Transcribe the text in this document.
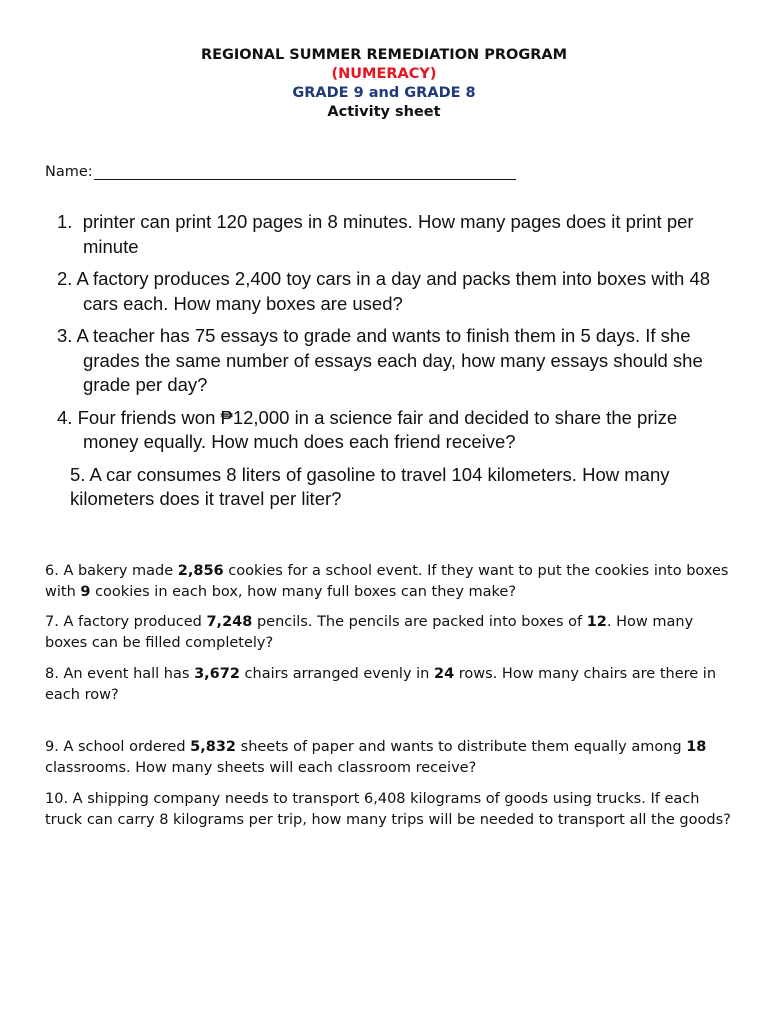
REGIONAL SUMMER REMEDIATION PROGRAM
(NUMERACY)
GRADE 9 and GRADE 8
Activity sheet
Name:
1.  printer can print 120 pages in 8 minutes. How many pages does it print per minute
2. A factory produces 2,400 toy cars in a day and packs them into boxes with 48 cars each. How many boxes are used?
3. A teacher has 75 essays to grade and wants to finish them in 5 days. If she grades the same number of essays each day, how many essays should she grade per day?
4. Four friends won ₱12,000 in a science fair and decided to share the prize money equally. How much does each friend receive?
5. A car consumes 8 liters of gasoline to travel 104 kilometers. How many kilometers does it travel per liter?

6. A bakery made 2,856 cookies for a school event. If they want to put the cookies into boxes with 9 cookies in each box, how many full boxes can they make?

7. A factory produced 7,248 pencils. The pencils are packed into boxes of 12. How many boxes can be filled completely?

8. An event hall has 3,672 chairs arranged evenly in 24 rows. How many chairs are there in each row?

9. A school ordered 5,832 sheets of paper and wants to distribute them equally among 18 classrooms. How many sheets will each classroom receive?

10. A shipping company needs to transport 6,408 kilograms of goods using trucks. If each truck can carry 8 kilograms per trip, how many trips will be needed to transport all the goods?
